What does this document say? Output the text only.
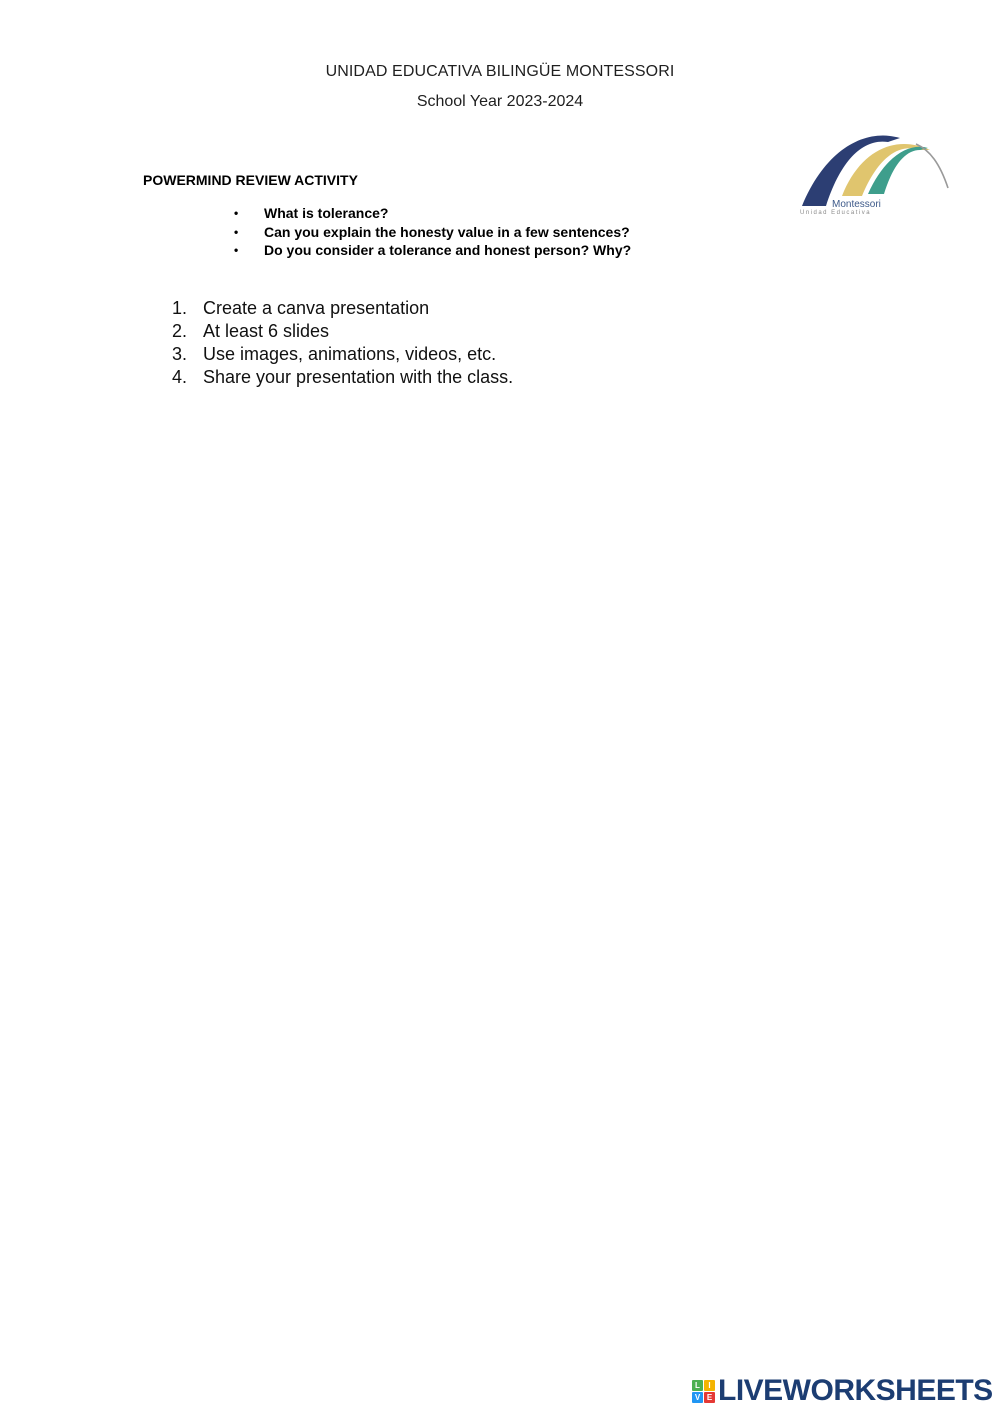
UNIDAD EDUCATIVA BILINGÜE MONTESSORI
School Year 2023-2024
Montessori
Unidad Educativa
POWERMIND REVIEW ACTIVITY
• What is tolerance?
• Can you explain the honesty value in a few sentences?
• Do you consider a tolerance and honest person? Why?
1. Create a canva presentation
2. At least 6 slides
3. Use images, animations, videos, etc.
4. Share your presentation with the class.
L	I
V E LIVEWORKSHEETS
